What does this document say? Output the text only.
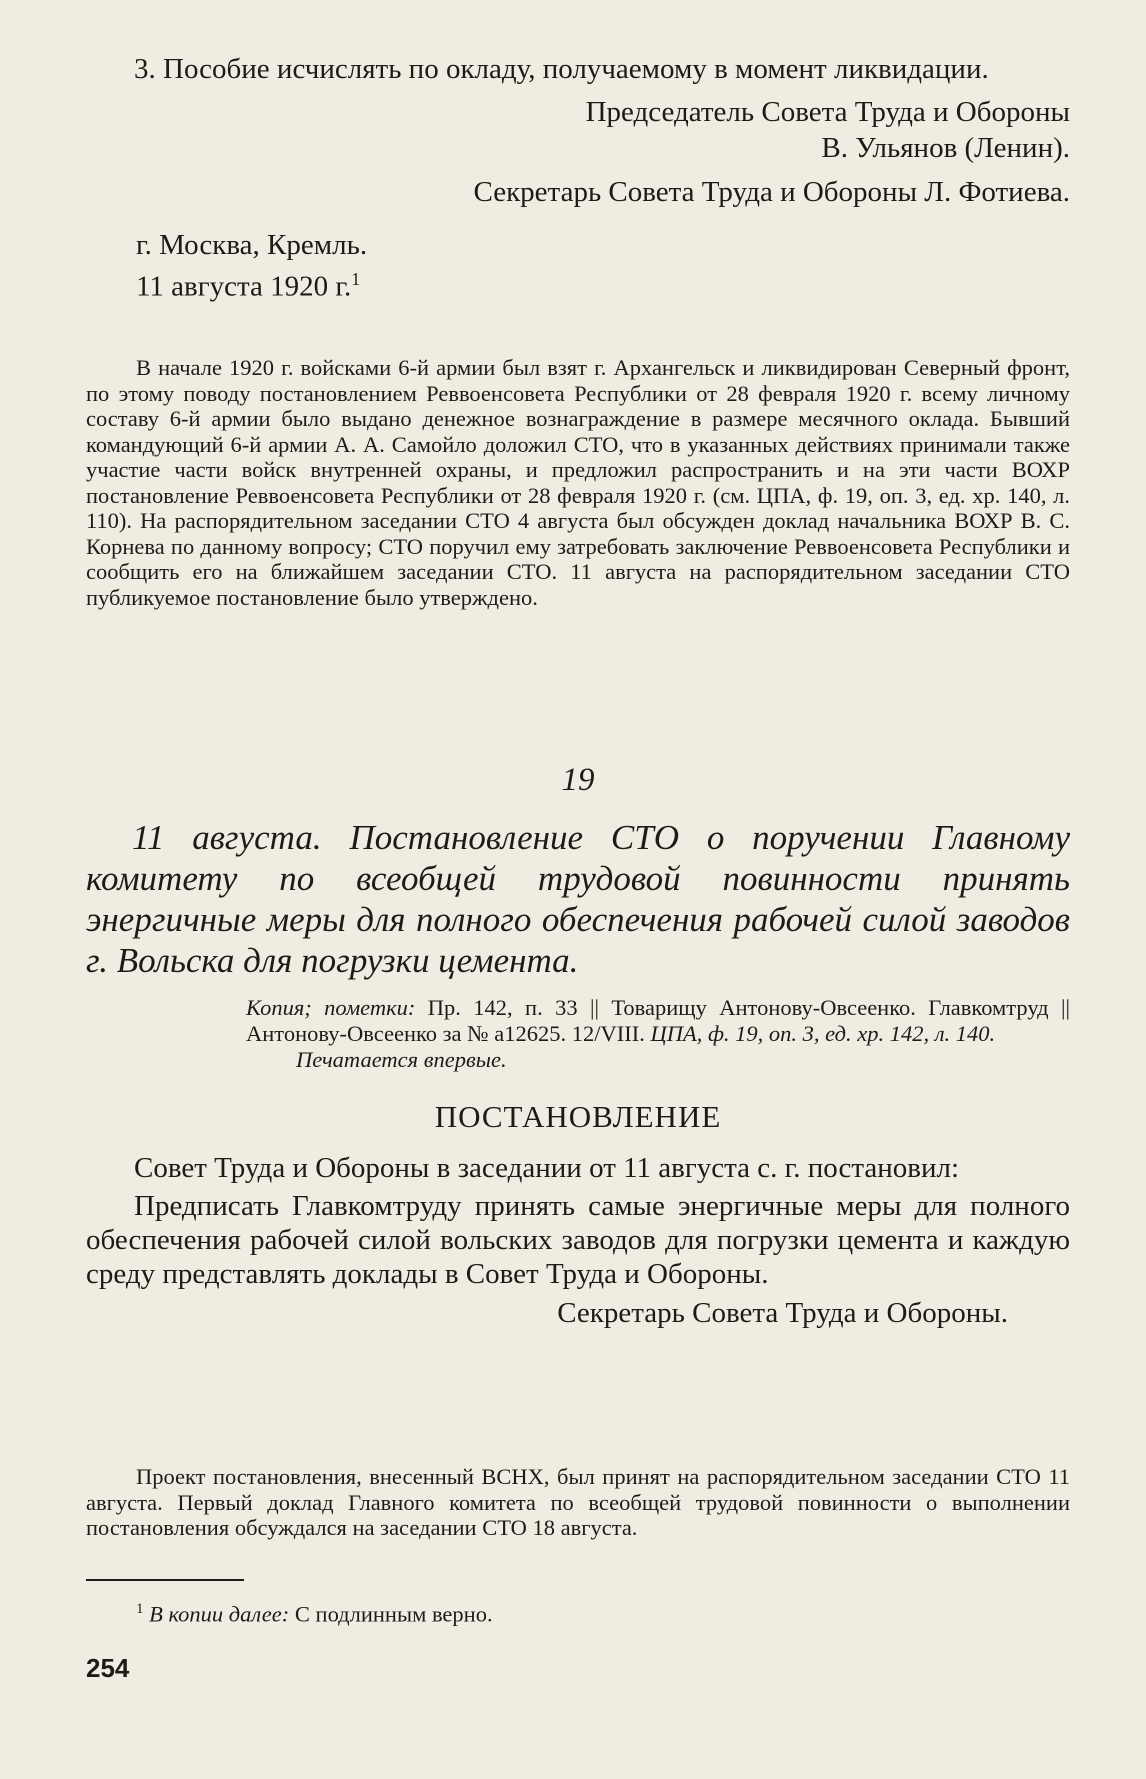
3. Пособие исчислять по окладу, получаемому в момент ликвидации.

Председатель Совета Труда и Обороны

В. Ульянов (Ленин).

Секретарь Совета Труда и Обороны Л. Фотиева.

г. Москва, Кремль.

11 августа 1920 г.$^1$

В начале 1920 г. войсками 6-й армии был взят г. Архангельск и ликвидирован Северный фронт, по этому поводу постановлением Реввоенсовета Республики от 28 февраля 1920 г. всему личному составу 6-й армии было выдано денежное вознаграждение в размере месячного оклада. Бывший командующий 6-й армии А. А. Самойло доложил СТО, что в указанных действиях принимали также участие части войск внутренней охраны, и предложил распространить и на эти части ВОХР постановление Реввоенсовета Республики от 28 февраля 1920 г. (см. ЦПА, ф. 19, оп. 3, ед. хр. 140, л. 110). На распорядительном заседании СТО 4 августа был обсужден доклад начальника ВОХР В. С. Корнева по данному вопросу; СТО поручил ему затребовать заключение Реввоенсовета Республики и сообщить его на ближайшем заседании СТО. 11 августа на распорядительном заседании СТО публикуемое постановление было утверждено.

19

11 августа. Постановление СТО о поручении Главному комитету по всеобщей трудовой повинности принять энергичные меры для полного обеспечения рабочей силой заводов г. Вольска для погрузки цемента.

Копия; пометки: Пр. 142, п. 33 || Товарищу Антонову-Овсеенко. Главкомтруд || Антонову-Овсеенко за № а12625. 12/VIII. ЦПА, ф. 19, оп. 3, ед. хр. 142, л. 140.

Печатается впервые.

ПОСТАНОВЛЕНИЕ

Совет Труда и Обороны в заседании от 11 августа с. г. постановил:

Предписать Главкомтруду принять самые энергичные меры для полного обеспечения рабочей силой вольских заводов для погрузки цемента и каждую среду представлять доклады в Совет Труда и Обороны.

Секретарь Совета Труда и Обороны.

Проект постановления, внесенный ВСНХ, был принят на распорядительном заседании СТО 11 августа. Первый доклад Главного комитета по всеобщей трудовой повинности о выполнении постановления обсуждался на заседании СТО 18 августа.

$^1$ В копии далее: С подлинным верно.

254
